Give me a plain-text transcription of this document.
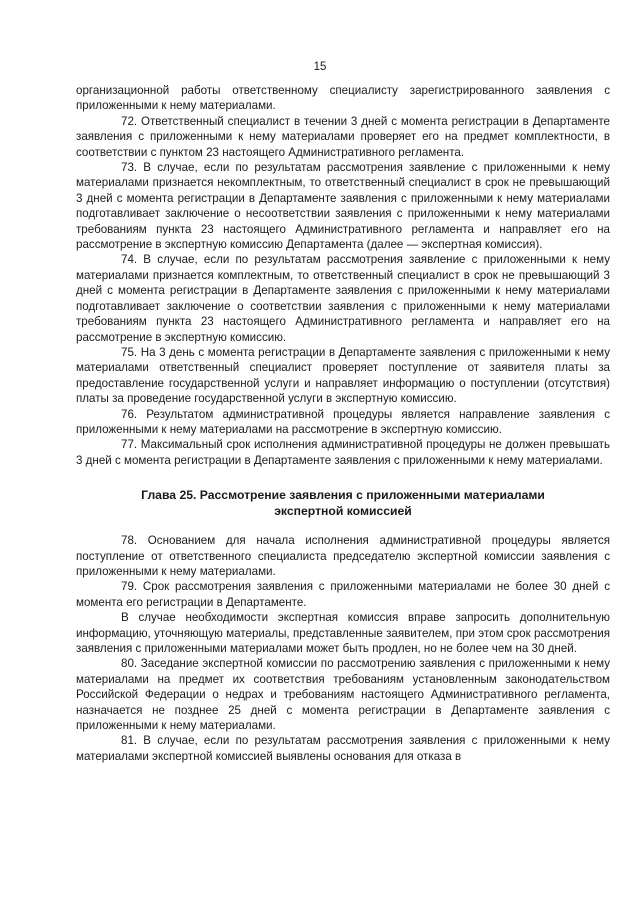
15

организационной работы ответственному специалисту зарегистрированного заявления с приложенными к нему материалами.

72. Ответственный специалист в течении 3 дней с момента регистрации в Департаменте заявления с приложенными к нему материалами проверяет его на предмет комплектности, в соответствии с пунктом 23 настоящего Административного регламента.

73. В случае, если по результатам рассмотрения заявление с приложенными к нему материалами признается некомплектным, то ответственный специалист в срок не превышающий 3 дней с момента регистрации в Департаменте заявления с приложенными к нему материалами подготавливает заключение о несоответствии заявления с приложенными к нему материалами требованиям пункта 23 настоящего Административного регламента и направляет его на рассмотрение в экспертную комиссию Департамента (далее — экспертная комиссия).

74. В случае, если по результатам рассмотрения заявление с приложенными к нему материалами признается комплектным, то ответственный специалист в срок не превышающий 3 дней с момента регистрации в Департаменте заявления с приложенными к нему материалами подготавливает заключение о соответствии заявления с приложенными к нему материалами требованиям пункта 23 настоящего Административного регламента и направляет его на рассмотрение в экспертную комиссию.

75. На 3 день с момента регистрации в Департаменте заявления с приложенными к нему материалами ответственный специалист проверяет поступление от заявителя платы за предоставление государственной услуги и направляет информацию о поступлении (отсутствия) платы за проведение государственной услуги в экспертную комиссию.

76. Результатом административной процедуры является направление заявления с приложенными к нему материалами на рассмотрение в экспертную комиссию.

77. Максимальный срок исполнения административной процедуры не должен превышать 3 дней с момента регистрации в Департаменте заявления с приложенными к нему материалами.

Глава 25. Рассмотрение заявления с приложенными материалами
экспертной комиссией

78. Основанием для начала исполнения административной процедуры является поступление от ответственного специалиста председателю экспертной комиссии заявления с приложенными к нему материалами.

79. Срок рассмотрения заявления с приложенными материалами не более 30 дней с момента его регистрации в Департаменте.

В случае необходимости экспертная комиссия вправе запросить дополнительную информацию, уточняющую материалы, представленные заявителем, при этом срок рассмотрения заявления с приложенными материалами может быть продлен, но не более чем на 30 дней.

80. Заседание экспертной комиссии по рассмотрению заявления с приложенными к нему материалами на предмет их соответствия требованиям установленным законодательством Российской Федерации о недрах и требованиям настоящего Административного регламента, назначается не позднее 25 дней с момента регистрации в Департаменте заявления с приложенными к нему материалами.

81. В случае, если по результатам рассмотрения заявления с приложенными к нему материалами экспертной комиссией выявлены основания для отказа в
